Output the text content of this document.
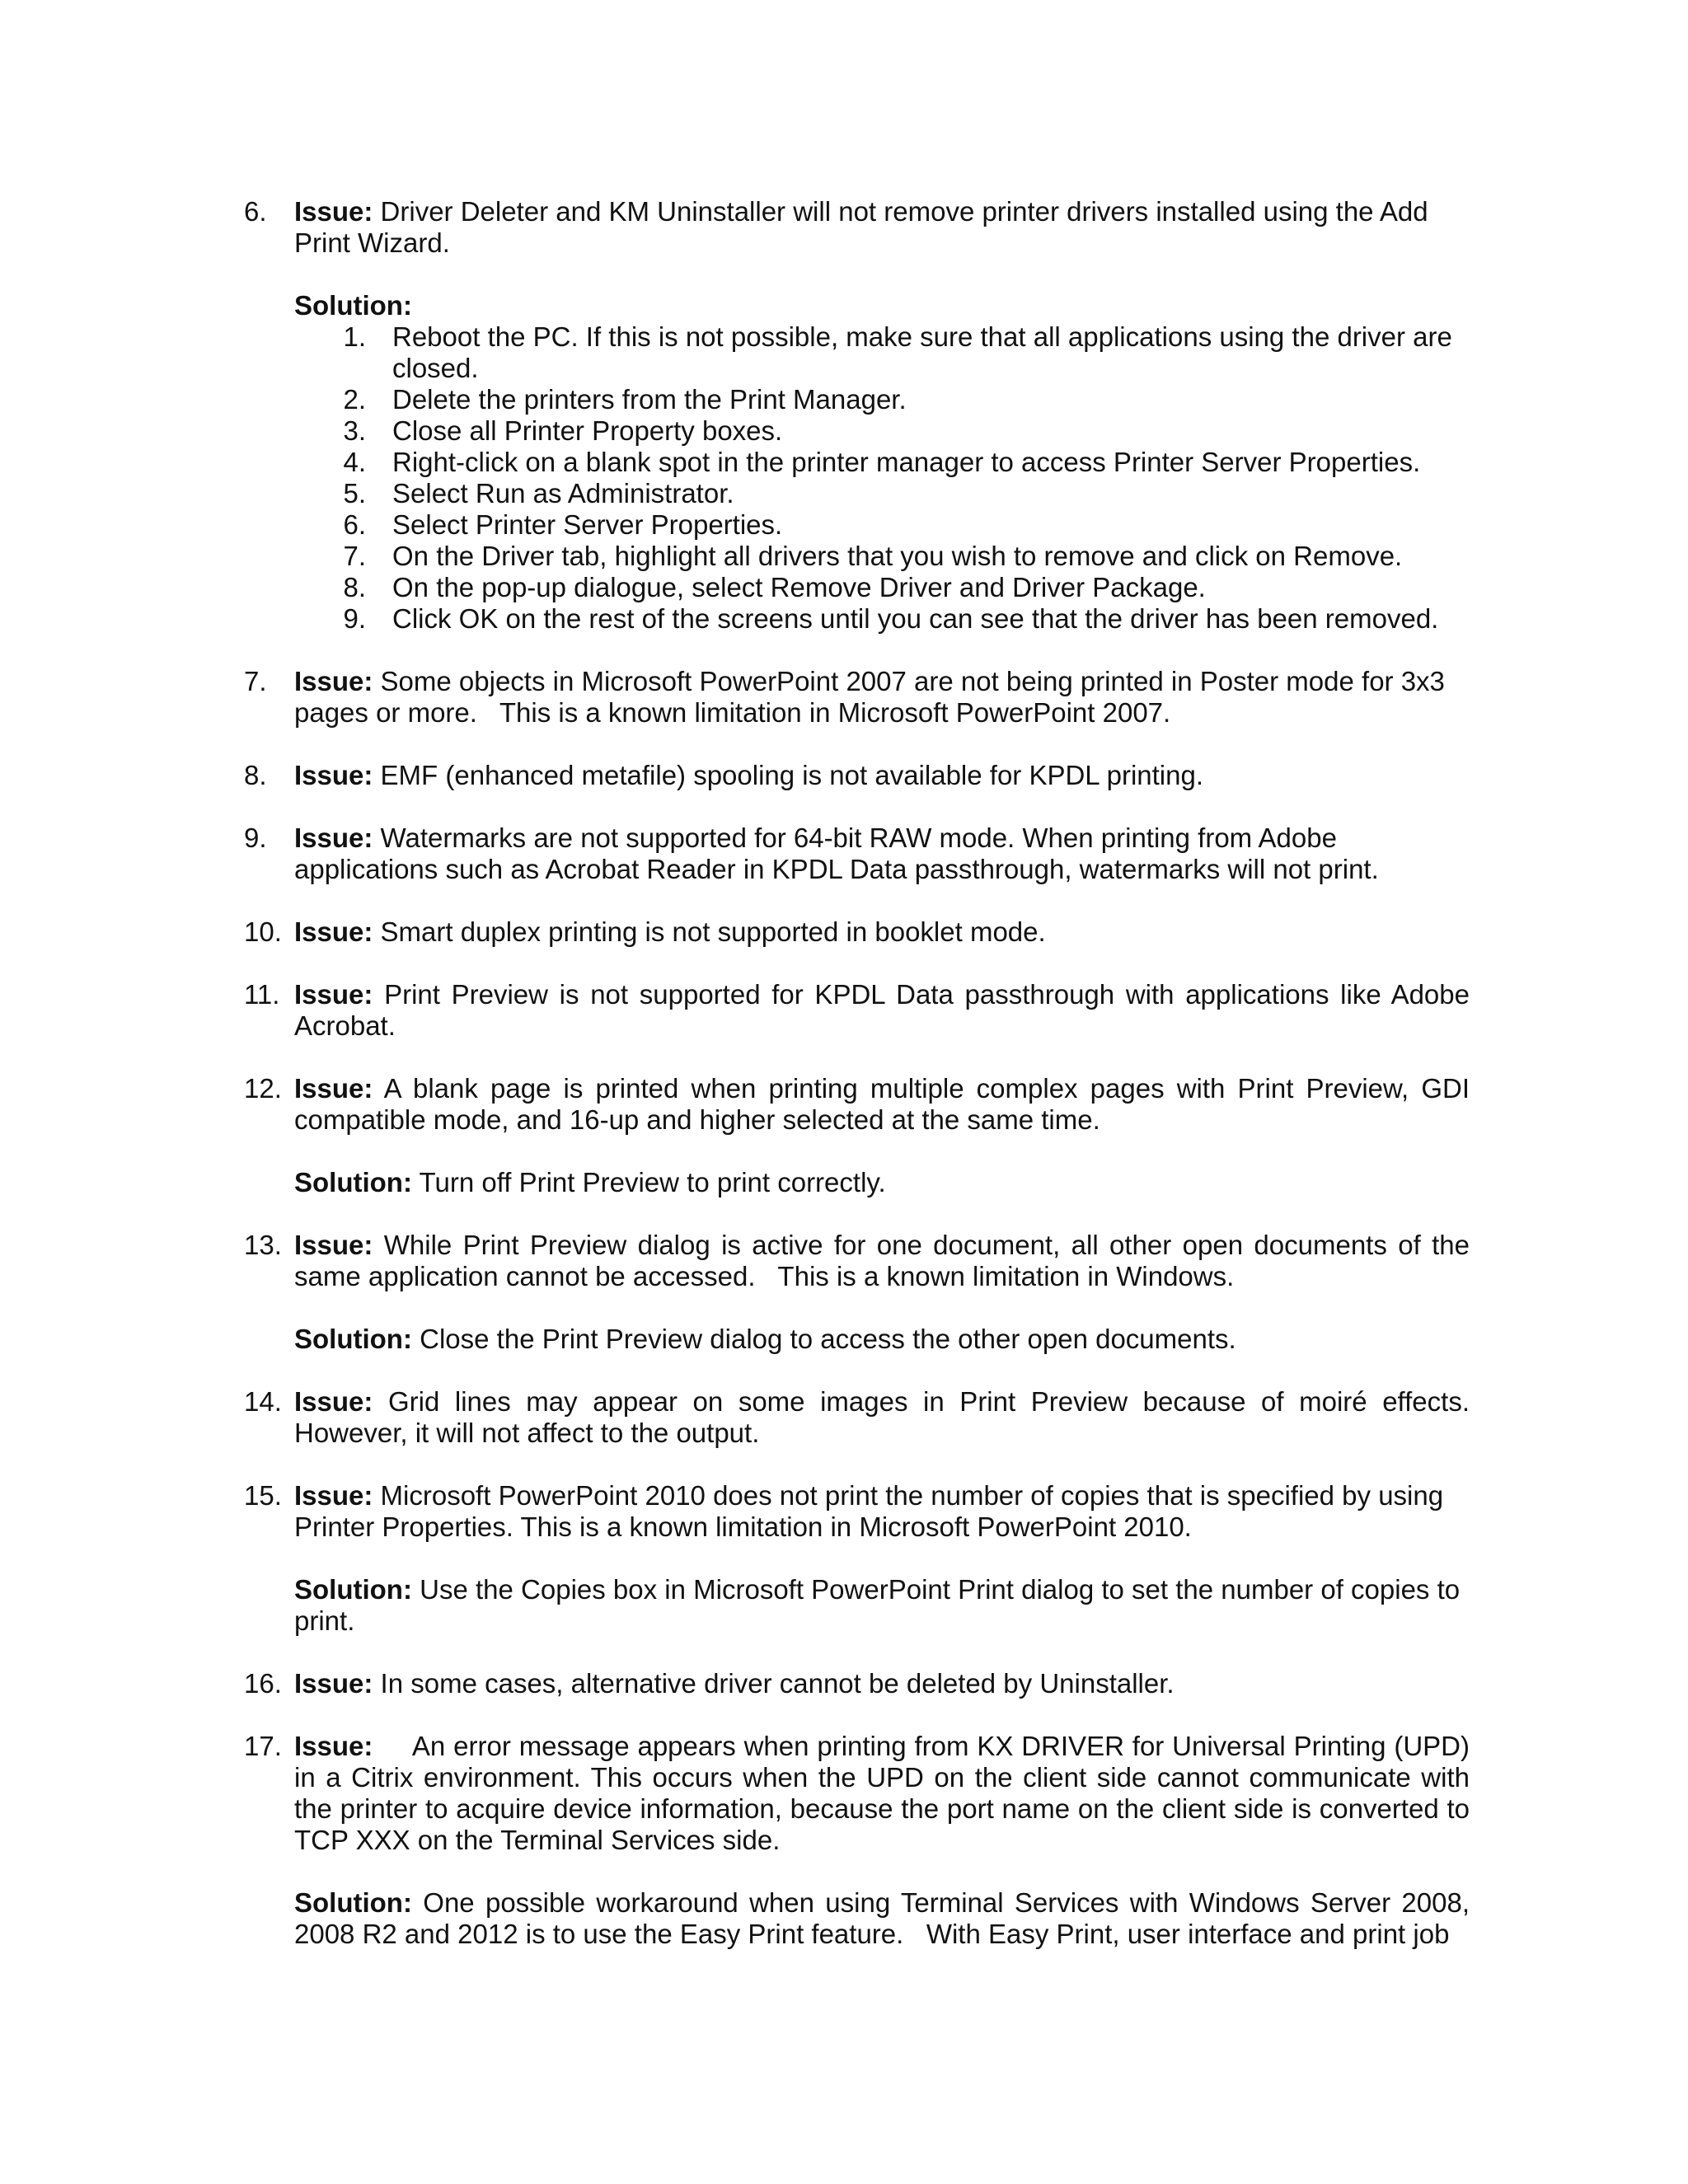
6. Issue: Driver Deleter and KM Uninstaller will not remove printer drivers installed using the Add Print Wizard.
Solution:
1. Reboot the PC. If this is not possible, make sure that all applications using the driver are closed.
2. Delete the printers from the Print Manager.
3. Close all Printer Property boxes.
4. Right-click on a blank spot in the printer manager to access Printer Server Properties.
5. Select Run as Administrator.
6. Select Printer Server Properties.
7. On the Driver tab, highlight all drivers that you wish to remove and click on Remove.
8. On the pop-up dialogue, select Remove Driver and Driver Package.
9. Click OK on the rest of the screens until you can see that the driver has been removed.
7. Issue: Some objects in Microsoft PowerPoint 2007 are not being printed in Poster mode for 3x3 pages or more.   This is a known limitation in Microsoft PowerPoint 2007.
8. Issue: EMF (enhanced metafile) spooling is not available for KPDL printing.
9. Issue: Watermarks are not supported for 64-bit RAW mode. When printing from Adobe applications such as Acrobat Reader in KPDL Data passthrough, watermarks will not print.
10. Issue: Smart duplex printing is not supported in booklet mode.
11. Issue: Print Preview is not supported for KPDL Data passthrough with applications like Adobe Acrobat.
12. Issue: A blank page is printed when printing multiple complex pages with Print Preview, GDI compatible mode, and 16-up and higher selected at the same time.
Solution: Turn off Print Preview to print correctly.
13. Issue: While Print Preview dialog is active for one document, all other open documents of the same application cannot be accessed.   This is a known limitation in Windows.
Solution: Close the Print Preview dialog to access the other open documents.
14. Issue: Grid lines may appear on some images in Print Preview because of moiré effects. However, it will not affect to the output.
15. Issue: Microsoft PowerPoint 2010 does not print the number of copies that is specified by using Printer Properties. This is a known limitation in Microsoft PowerPoint 2010.
Solution: Use the Copies box in Microsoft PowerPoint Print dialog to set the number of copies to print.
16. Issue: In some cases, alternative driver cannot be deleted by Uninstaller.
17. Issue:     An error message appears when printing from KX DRIVER for Universal Printing (UPD) in a Citrix environment. This occurs when the UPD on the client side cannot communicate with the printer to acquire device information, because the port name on the client side is converted to TCP XXX on the Terminal Services side.
Solution: One possible workaround when using Terminal Services with Windows Server 2008, 2008 R2 and 2012 is to use the Easy Print feature.   With Easy Print, user interface and print job
